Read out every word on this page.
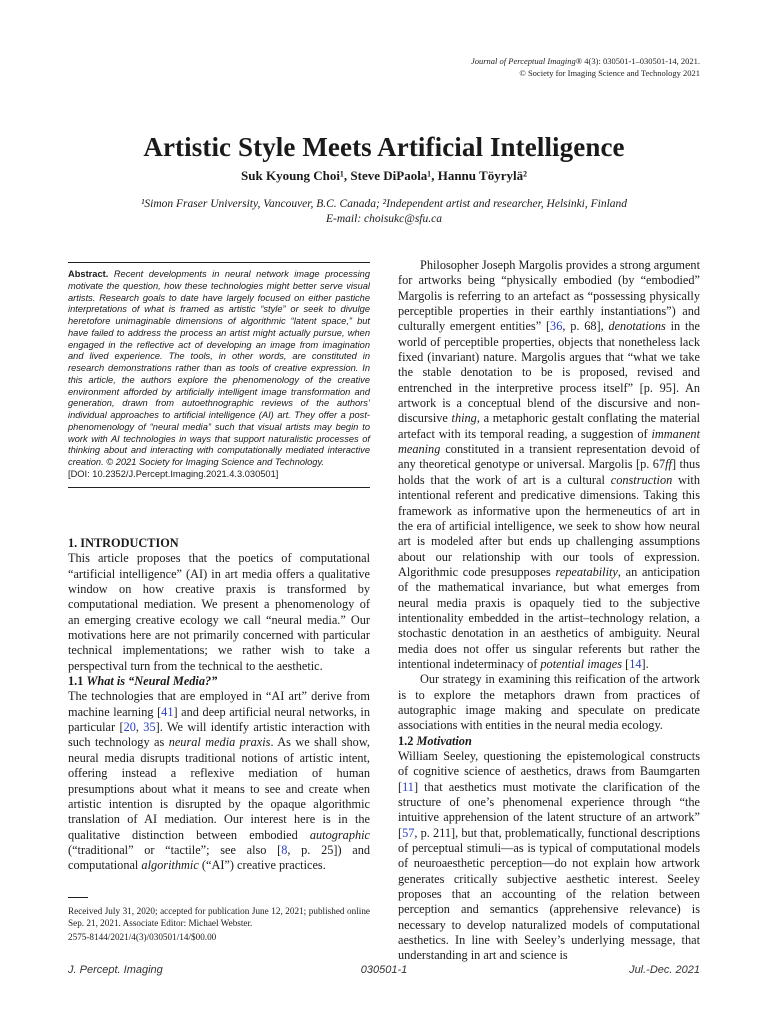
Journal of Perceptual Imaging® 4(3): 030501-1–030501-14, 2021.
© Society for Imaging Science and Technology 2021
Artistic Style Meets Artificial Intelligence
Suk Kyoung Choi¹, Steve DiPaola¹, Hannu Töyrylä²
¹Simon Fraser University, Vancouver, B.C. Canada; ²Independent artist and researcher, Helsinki, Finland
E-mail: choisukc@sfu.ca
Abstract. Recent developments in neural network image processing motivate the question, how these technologies might better serve visual artists. Research goals to date have largely focused on either pastiche interpretations of what is framed as artistic “style” or seek to divulge heretofore unimaginable dimensions of algorithmic “latent space,” but have failed to address the process an artist might actually pursue, when engaged in the reflective act of developing an image from imagination and lived experience. The tools, in other words, are constituted in research demonstrations rather than as tools of creative expression. In this article, the authors explore the phenomenology of the creative environment afforded by artificially intelligent image transformation and generation, drawn from autoethnographic reviews of the authors’ individual approaches to artificial intelligence (AI) art. They offer a post-phenomenology of “neural media” such that visual artists may begin to work with AI technologies in ways that support naturalistic processes of thinking about and interacting with computationally mediated interactive creation. © 2021 Society for Imaging Science and Technology.
[DOI: 10.2352/J.Percept.Imaging.2021.4.3.030501]

1. INTRODUCTION

This article proposes that the poetics of computational “artificial intelligence” (AI) in art media offers a qualitative window on how creative praxis is transformed by computational mediation. We present a phenomenology of an emerging creative ecology we call “neural media.” Our motivations here are not primarily concerned with particular technical implementations; we rather wish to take a perspectival turn from the technical to the aesthetic.

1.1 What is “Neural Media?”

The technologies that are employed in “AI art” derive from machine learning [41] and deep artificial neural networks, in particular [20, 35]. We will identify artistic interaction with such technology as neural media praxis. As we shall show, neural media disrupts traditional notions of artistic intent, offering instead a reflexive mediation of human presumptions about what it means to see and create when artistic intention is disrupted by the opaque algorithmic translation of AI mediation. Our interest here is in the qualitative distinction between embodied autographic (“traditional” or “tactile”; see also [8, p. 25]) and computational algorithmic (“AI”) creative practices.

Received July 31, 2020; accepted for publication June 12, 2021; published online Sep. 21, 2021. Associate Editor: Michael Webster.
2575-8144/2021/4(3)/030501/14/$00.00

Philosopher Joseph Margolis provides a strong argument for artworks being “physically embodied (by “embodied” Margolis is referring to an artefact as “possessing physically perceptible properties in their earthly instantiations”) and culturally emergent entities” [36, p. 68], denotations in the world of perceptible properties, objects that nonetheless lack fixed (invariant) nature. Margolis argues that “what we take the stable denotation to be is proposed, revised and entrenched in the interpretive process itself” [p. 95]. An artwork is a conceptual blend of the discursive and non-discursive thing, a metaphoric gestalt conflating the material artefact with its temporal reading, a suggestion of immanent meaning constituted in a transient representation devoid of any theoretical genotype or universal. Margolis [p. 67ff] thus holds that the work of art is a cultural construction with intentional referent and predicative dimensions. Taking this framework as informative upon the hermeneutics of art in the era of artificial intelligence, we seek to show how neural art is modeled after but ends up challenging assumptions about our relationship with our tools of expression. Algorithmic code presupposes repeatability, an anticipation of the mathematical invariance, but what emerges from neural media praxis is opaquely tied to the subjective intentionality embedded in the artist–technology relation, a stochastic denotation in an aesthetics of ambiguity. Neural media does not offer us singular referents but rather the intentional indeterminacy of potential images [14].

Our strategy in examining this reification of the artwork is to explore the metaphors drawn from practices of autographic image making and speculate on predicate associations with entities in the neural media ecology.

1.2 Motivation

William Seeley, questioning the epistemological constructs of cognitive science of aesthetics, draws from Baumgarten [11] that aesthetics must motivate the clarification of the structure of one’s phenomenal experience through “the intuitive apprehension of the latent structure of an artwork” [57, p. 211], but that, problematically, functional descriptions of perceptual stimuli—as is typical of computational models of neuroaesthetic perception—do not explain how artwork generates critically subjective aesthetic interest. Seeley proposes that an accounting of the relation between perception and semantics (apprehensive relevance) is necessary to develop naturalized models of computational aesthetics. In line with Seeley’s underlying message, that understanding in art and science is

J. Percept. Imaging	030501-1	Jul.-Dec. 2021
